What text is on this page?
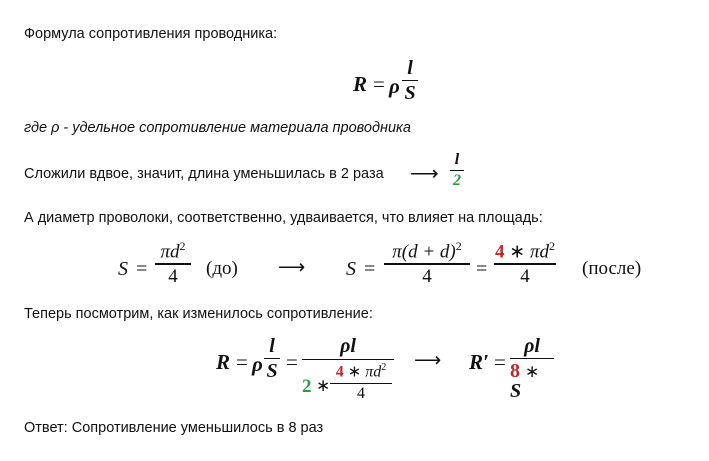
Формула сопротивления проводника:
R = ρ
l
S
где ρ - удельное сопротивление материала проводника
Сложили вдвое, значит, длина уменьшилась в 2 раза ⟶
l
2
А диаметр проволоки, соответственно, удваивается, что влияет на площадь:
S =
$\pi d^2$
4 (до) ⟶ S =
$\pi(d + d)^2$
4 =
4 ∗ $\pi d^2$
4	(после)
Теперь посмотрим, как изменилось сопротивление:
R = ρ
l
S =
ρl
2 ∗
4 ∗ $\pi d^2$
4
⟶ R′ =
ρl
8 ∗ S
Ответ: Сопротивление уменьшилось в 8 раз
